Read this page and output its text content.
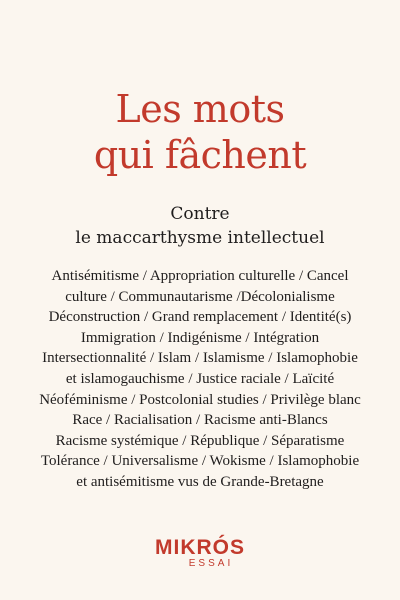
Les mots
qui fâchent
Contre
le maccarthysme intellectuel
Antisémitisme / Appropriation culturelle / Cancel
culture / Communautarisme /Décolonialisme
Déconstruction / Grand remplacement / Identité(s)
Immigration / Indigénisme / Intégration
Intersectionnalité / Islam / Islamisme / Islamophobie
et islamogauchisme / Justice raciale / Laïcité
Néoféminisme / Postcolonial studies / Privilège blanc
Race / Racialisation / Racisme anti-Blancs
Racisme systémique / République / Séparatisme
Tolérance / Universalisme / Wokisme / Islamophobie
et antisémitisme vus de Grande-Bretagne
MIKRÓS
ESSAI
